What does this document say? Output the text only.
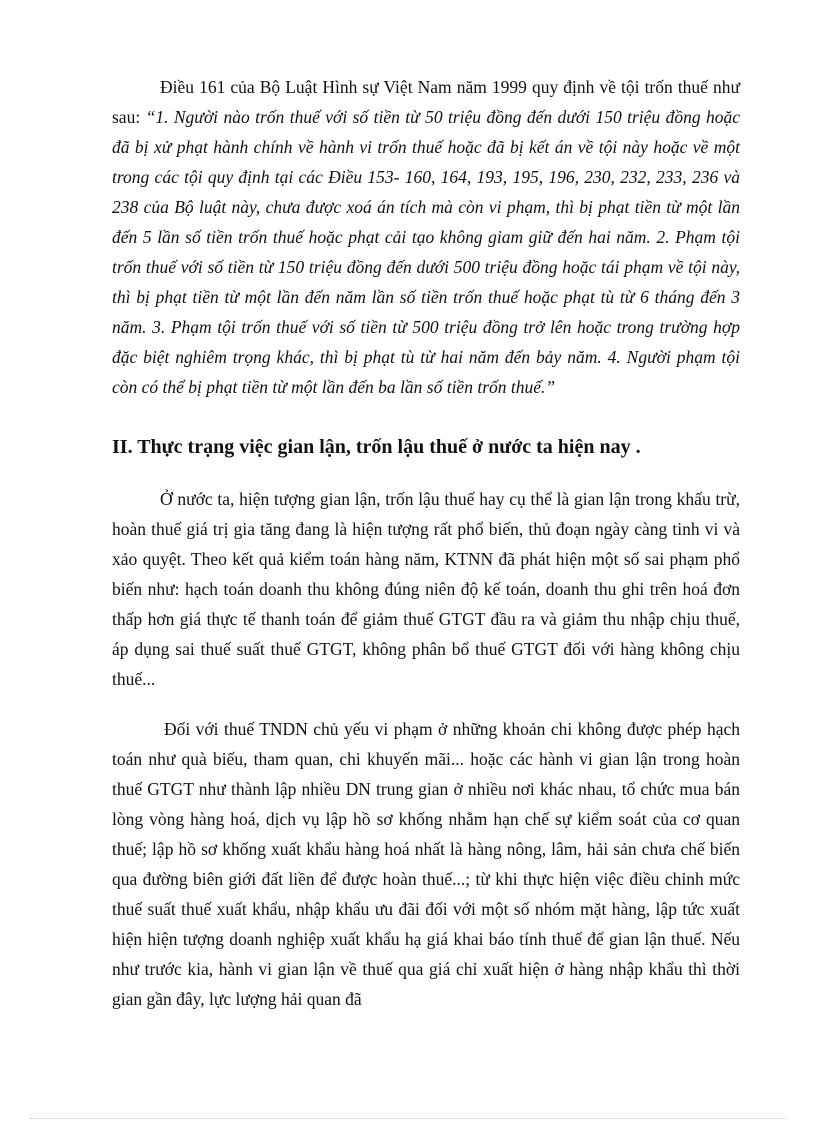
Điều 161 của Bộ Luật Hình sự Việt Nam năm 1999 quy định về tội trốn thuế như sau: “1. Người nào trốn thuế với số tiền từ 50 triệu đồng đến dưới 150 triệu đồng hoặc đã bị xử phạt hành chính về hành vi trốn thuế hoặc đã bị kết án về tội này hoặc về một trong các tội quy định tại các Điều 153- 160, 164, 193, 195, 196, 230, 232, 233, 236 và 238 của Bộ luật này, chưa được xoá án tích mà còn vi phạm, thì bị phạt tiền từ một lần đến 5 lần số tiền trốn thuế hoặc phạt cải tạo không giam giữ đến hai năm. 2. Phạm tội trốn thuế với số tiền từ 150 triệu đồng đến dưới 500 triệu đồng hoặc tái phạm về tội này, thì bị phạt tiền từ một lần đến năm lần số tiền trốn thuế hoặc phạt tù từ 6 tháng đến 3 năm. 3. Phạm tội trốn thuế với số tiền từ 500 triệu đồng trở lên hoặc trong trường hợp đặc biệt nghiêm trọng khác, thì bị phạt tù từ hai năm đến bảy năm. 4. Người phạm tội còn có thể bị phạt tiền từ một lần đến ba lần số tiền trốn thuế.”

II. Thực trạng việc gian lận, trốn lậu thuế ở nước ta hiện nay .

Ở nước ta, hiện tượng gian lận, trốn lậu thuế hay cụ thể là gian lận trong khấu trừ, hoàn thuế giá trị gia tăng đang là hiện tượng rất phổ biến, thủ đoạn ngày càng tinh vi và xảo quyệt. Theo kết quả kiểm toán hàng năm, KTNN đã phát hiện một số sai phạm phổ biến như: hạch toán doanh thu không đúng niên độ kế toán, doanh thu ghi trên hoá đơn thấp hơn giá thực tế thanh toán để giảm thuế GTGT đầu ra và giảm thu nhập chịu thuế, áp dụng sai thuế suất thuế GTGT, không phân bổ thuế GTGT đối với hàng không chịu thuế...

Đối với thuế TNDN chủ yếu vi phạm ở những khoản chi không được phép hạch toán như quà biếu, tham quan, chi khuyến mãi... hoặc các hành vi gian lận trong hoàn thuế GTGT như thành lập nhiều DN trung gian ở nhiều nơi khác nhau, tổ chức mua bán lòng vòng hàng hoá, dịch vụ lập hồ sơ khống nhằm hạn chế sự kiểm soát của cơ quan thuế; lập hồ sơ khống xuất khẩu hàng hoá nhất là hàng nông, lâm, hải sản chưa chế biến qua đường biên giới đất liền để được hoàn thuế...; từ khi thực hiện việc điều chỉnh mức thuế suất thuế xuất khẩu, nhập khẩu ưu đãi đối với một số nhóm mặt hàng, lập tức xuất hiện hiện tượng doanh nghiệp xuất khẩu hạ giá khai báo tính thuế để gian lận thuế. Nếu như trước kia, hành vi gian lận về thuế qua giá chỉ xuất hiện ở hàng nhập khẩu thì thời gian gần đây, lực lượng hải quan đã
